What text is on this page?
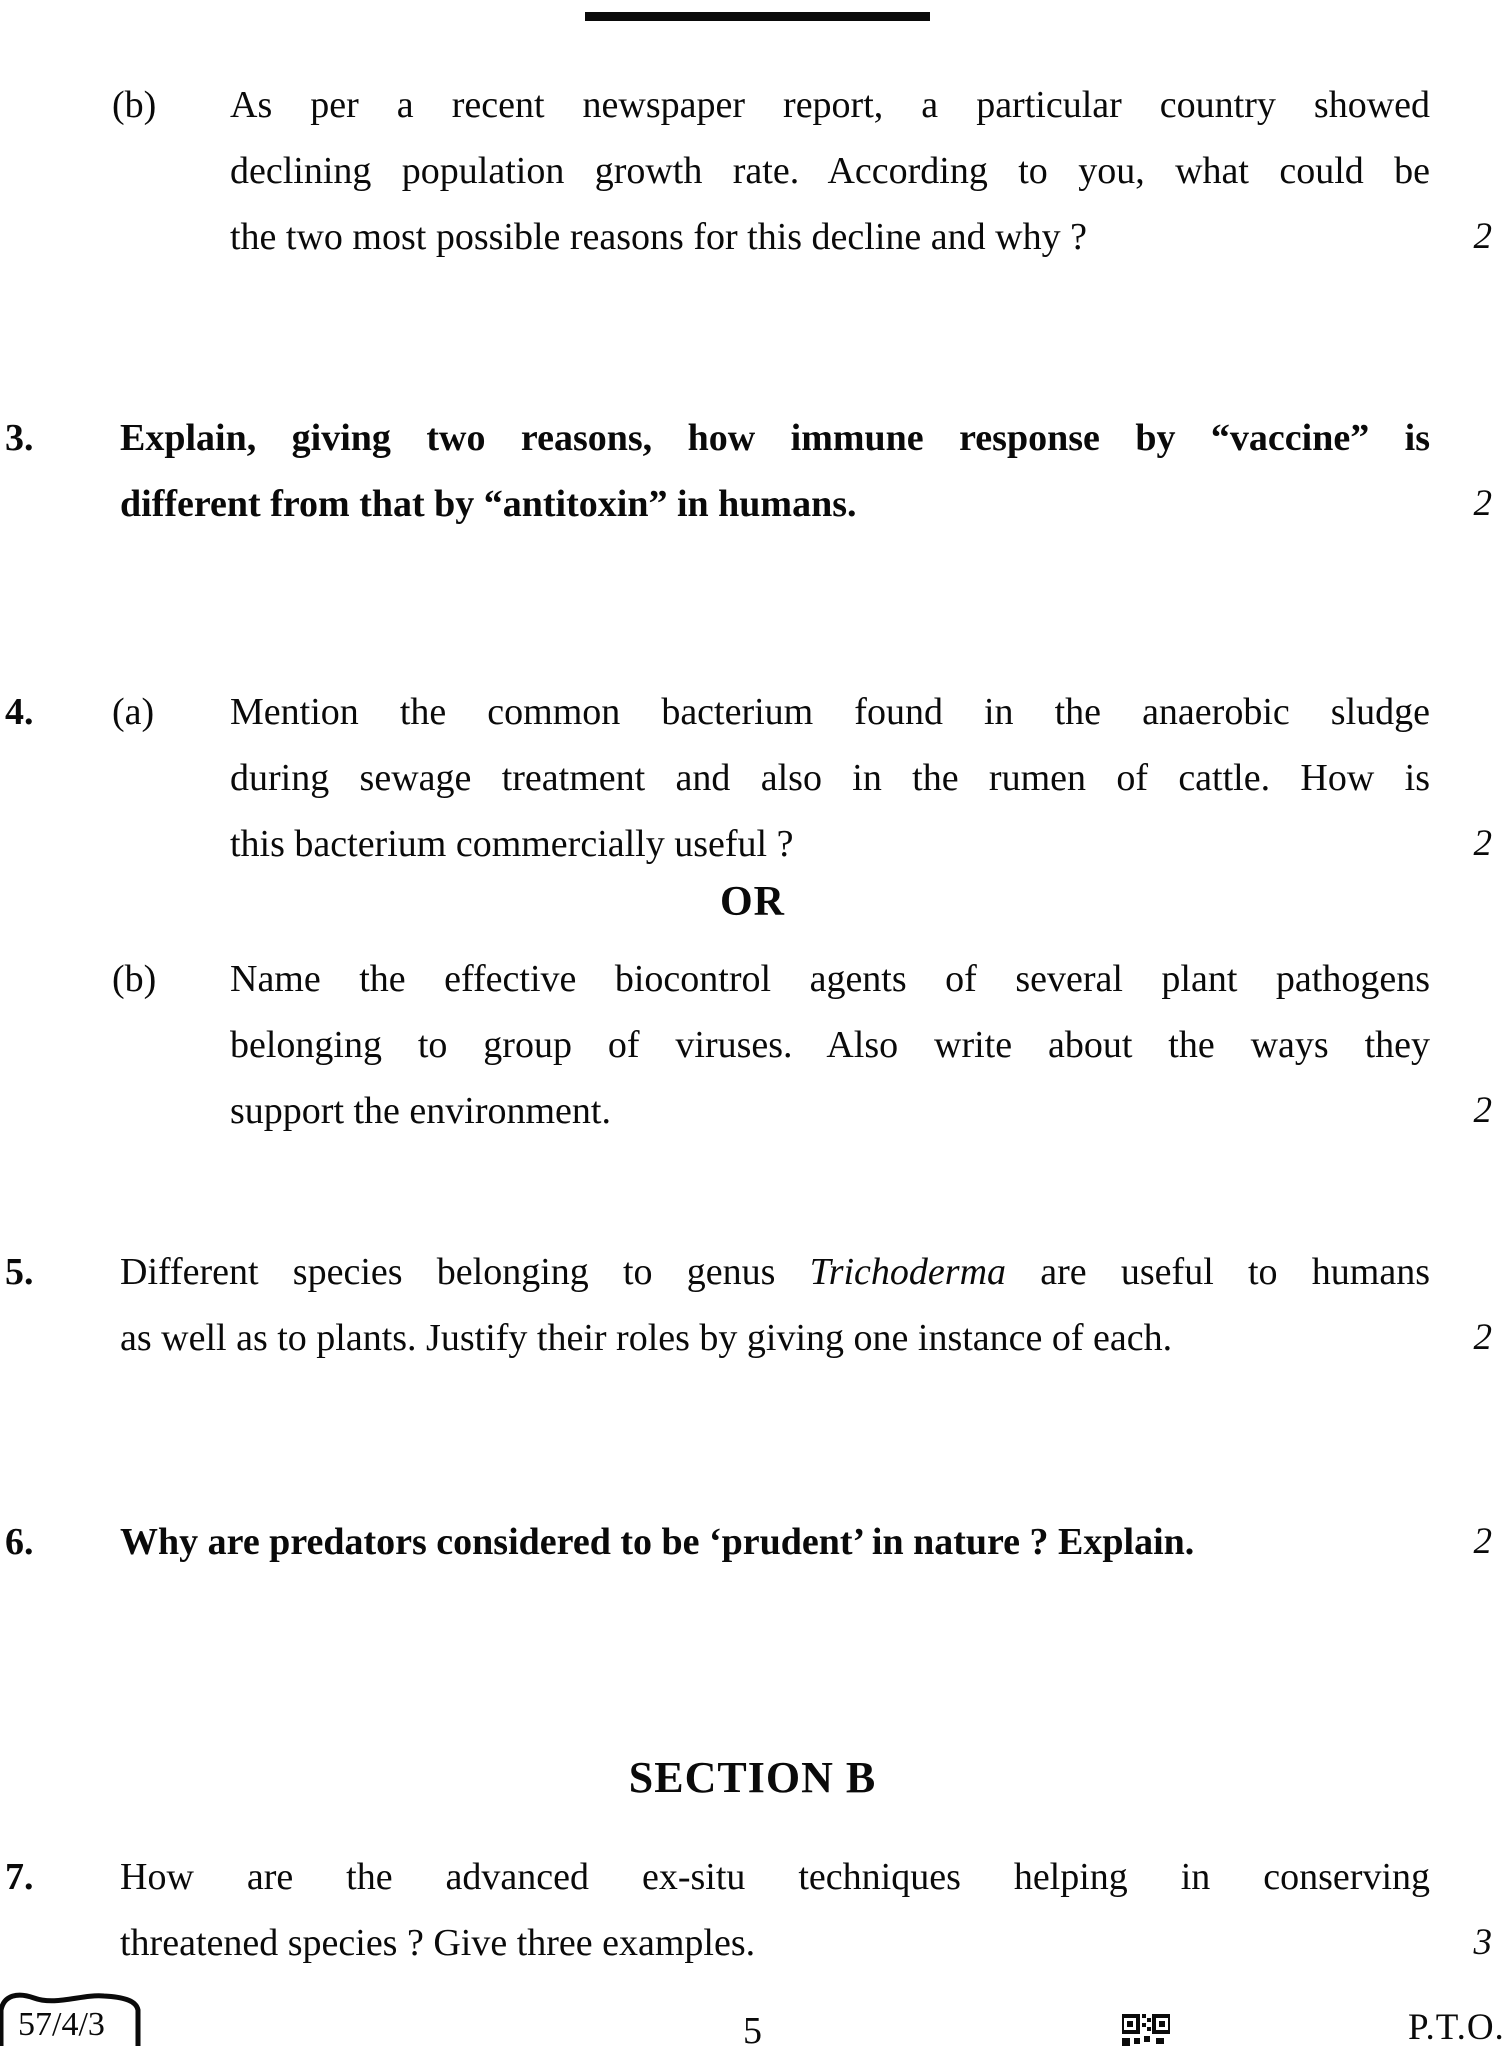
(b) As per a recent newspaper report, a particular country showed
declining population growth rate. According to you, what could be
the two most possible reasons for this decline and why ?	2
3. Explain, giving two reasons, how immune response by “vaccine” is
different from that by “antitoxin” in humans.	2
4. (a) Mention the common bacterium found in the anaerobic sludge
during sewage treatment and also in the rumen of cattle. How is
this bacterium commercially useful ?	2
OR
(b) Name the effective biocontrol agents of several plant pathogens
belonging to group of viruses. Also write about the ways they
support the environment.	2
5. Different species belonging to genus Trichoderma are useful to humans
as well as to plants. Justify their roles by giving one instance of each.	2
6. Why are predators considered to be ‘prudent’ in nature ? Explain.	2
SECTION B
7. How are the advanced ex-situ techniques helping in conserving
threatened species ? Give three examples.	3
57/4/3	5	P.T.O.
